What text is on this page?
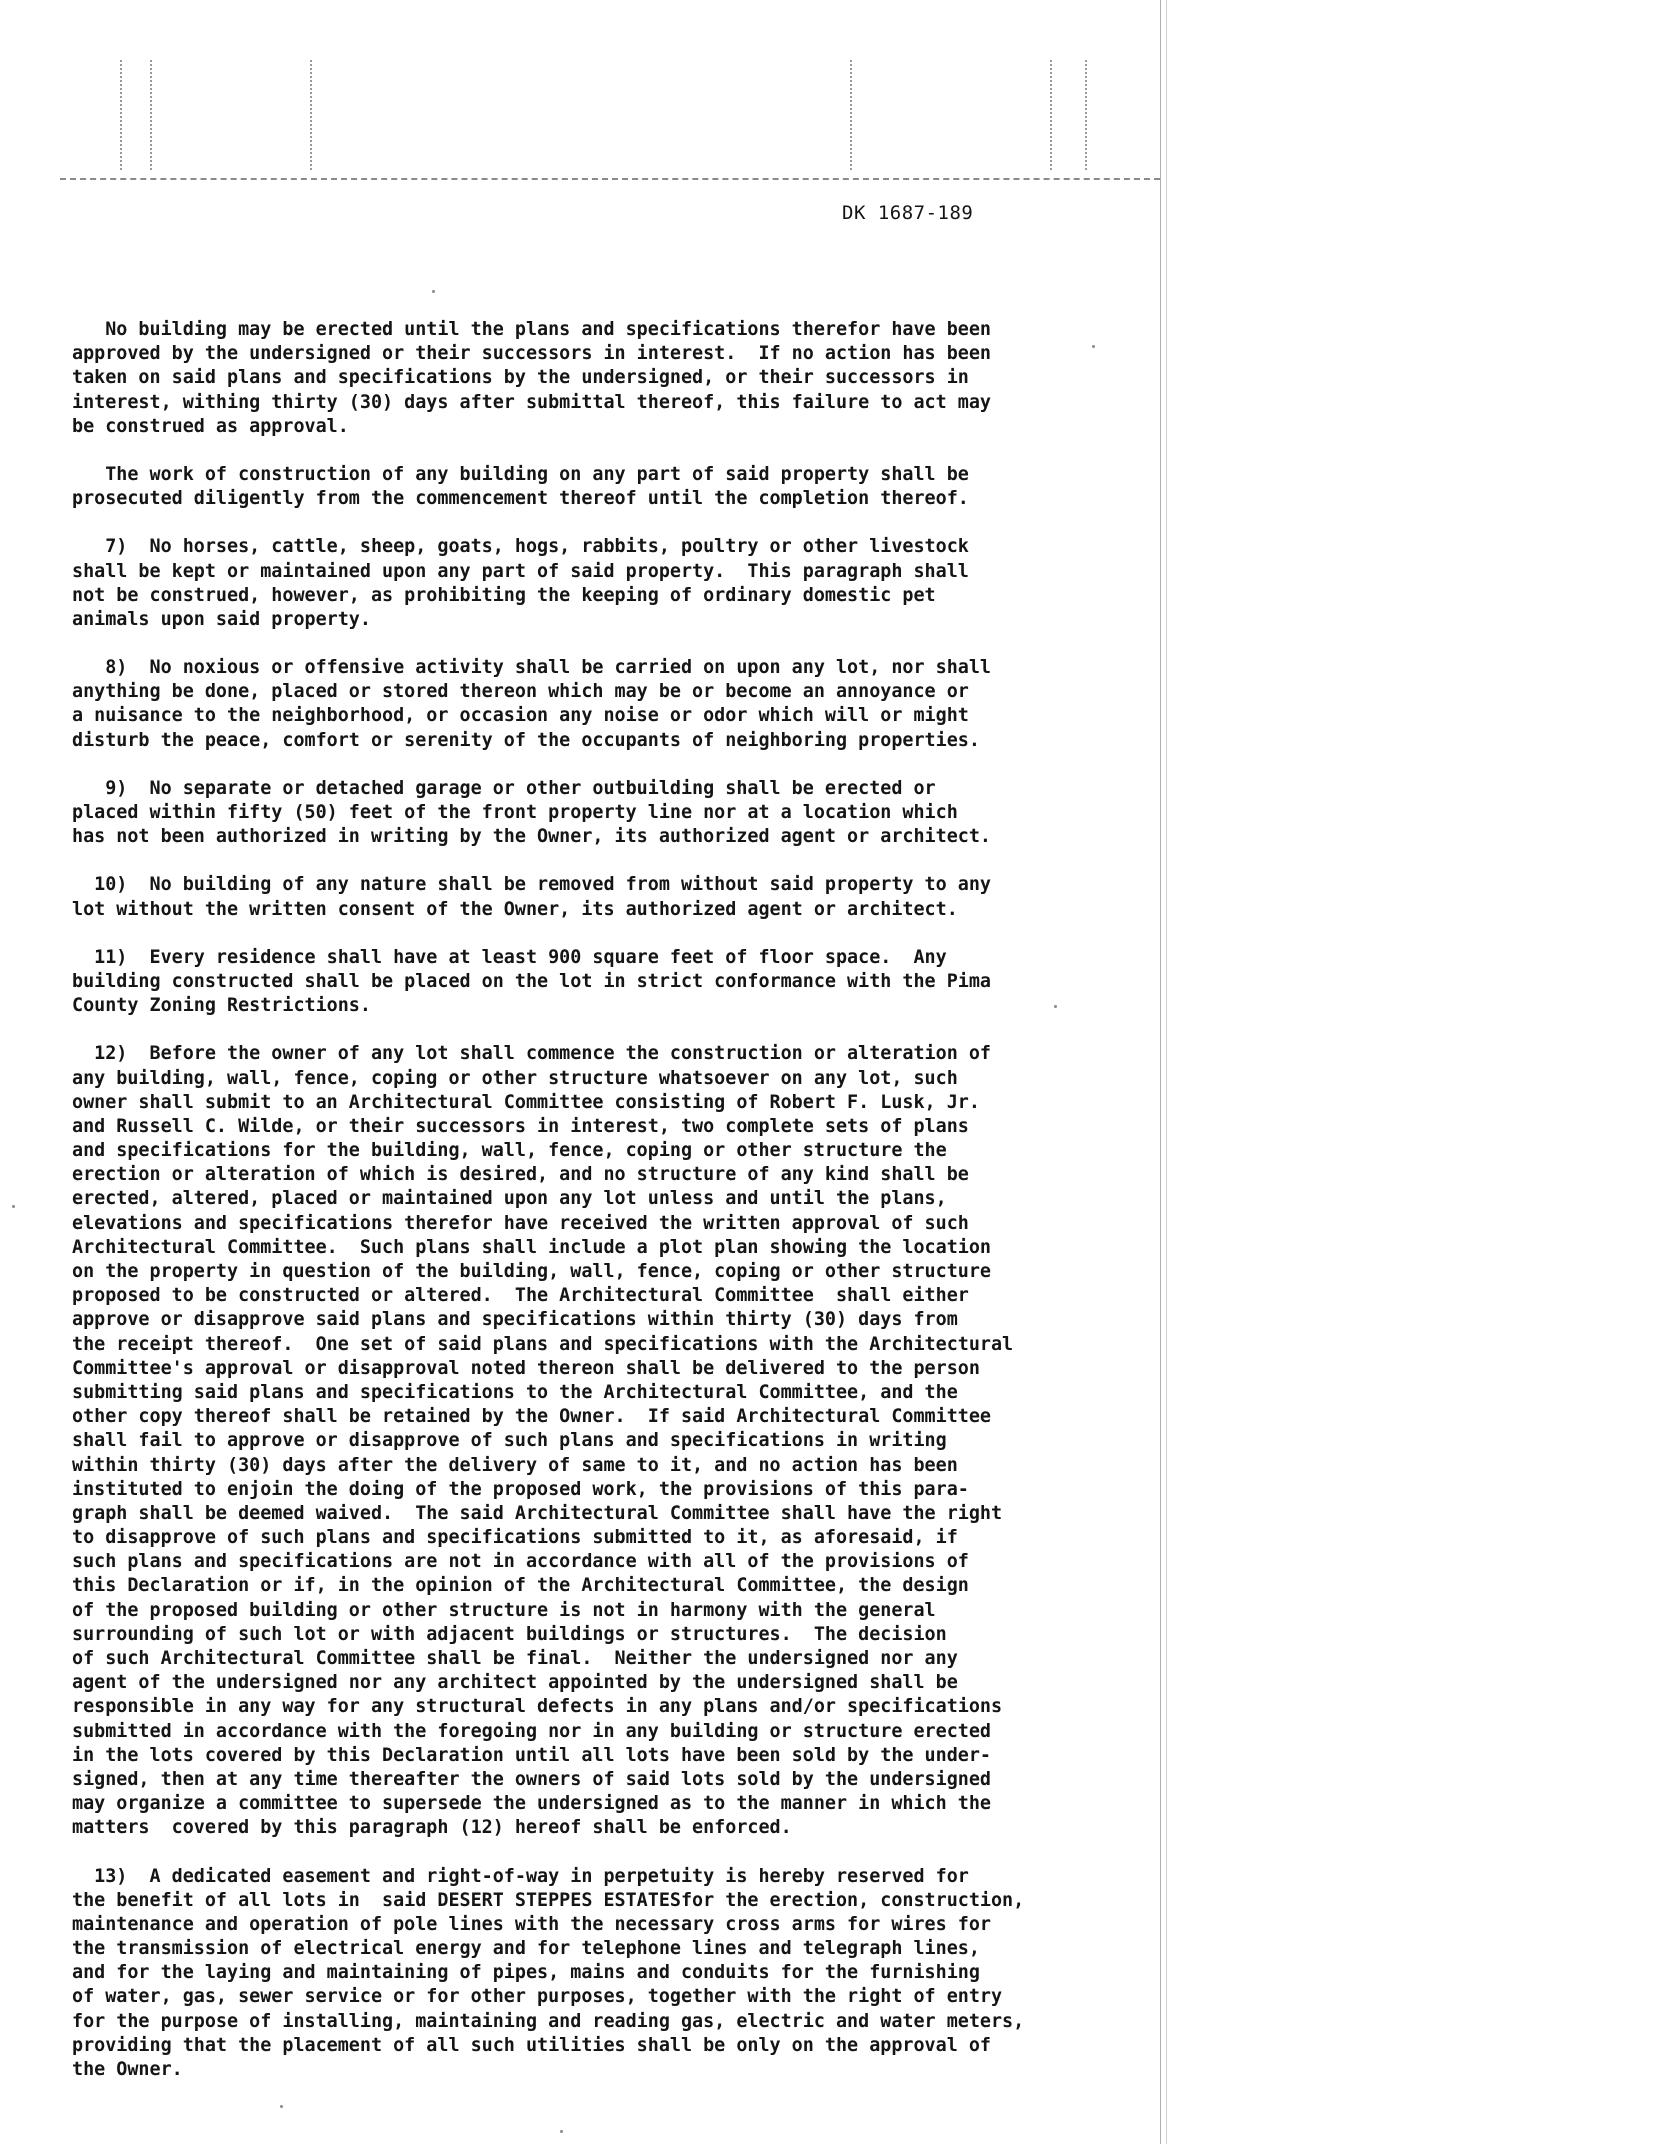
DK 1687-189
No building may be erected until the plans and specifications therefor have been
approved by the undersigned or their successors in interest.  If no action has been
taken on said plans and specifications by the undersigned, or their successors in
interest, withing thirty (30) days after submittal thereof, this failure to act may
be construed as approval.
The work of construction of any building on any part of said property shall be
prosecuted diligently from the commencement thereof until the completion thereof.
7)  No horses, cattle, sheep, goats, hogs, rabbits, poultry or other livestock
shall be kept or maintained upon any part of said property.  This paragraph shall
not be construed, however, as prohibiting the keeping of ordinary domestic pet
animals upon said property.
8)  No noxious or offensive activity shall be carried on upon any lot, nor shall
anything be done, placed or stored thereon which may be or become an annoyance or
a nuisance to the neighborhood, or occasion any noise or odor which will or might
disturb the peace, comfort or serenity of the occupants of neighboring properties.
9)  No separate or detached garage or other outbuilding shall be erected or
placed within fifty (50) feet of the front property line nor at a location which
has not been authorized in writing by the Owner, its authorized agent or architect.
10)  No building of any nature shall be removed from without said property to any
lot without the written consent of the Owner, its authorized agent or architect.
11)  Every residence shall have at least 900 square feet of floor space.  Any
building constructed shall be placed on the lot in strict conformance with the Pima
County Zoning Restrictions.
12)  Before the owner of any lot shall commence the construction or alteration of
any building, wall, fence, coping or other structure whatsoever on any lot, such
owner shall submit to an Architectural Committee consisting of Robert F. Lusk, Jr.
and Russell C. Wilde, or their successors in interest, two complete sets of plans
and specifications for the building, wall, fence, coping or other structure the
erection or alteration of which is desired, and no structure of any kind shall be
erected, altered, placed or maintained upon any lot unless and until the plans,
elevations and specifications therefor have received the written approval of such
Architectural Committee.  Such plans shall include a plot plan showing the location
on the property in question of the building, wall, fence, coping or other structure
proposed to be constructed or altered.  The Architectural Committee  shall either
approve or disapprove said plans and specifications within thirty (30) days from
the receipt thereof.  One set of said plans and specifications with the Architectural
Committee's approval or disapproval noted thereon shall be delivered to the person
submitting said plans and specifications to the Architectural Committee, and the
other copy thereof shall be retained by the Owner.  If said Architectural Committee
shall fail to approve or disapprove of such plans and specifications in writing
within thirty (30) days after the delivery of same to it, and no action has been
instituted to enjoin the doing of the proposed work, the provisions of this para-
graph shall be deemed waived.  The said Architectural Committee shall have the right
to disapprove of such plans and specifications submitted to it, as aforesaid, if
such plans and specifications are not in accordance with all of the provisions of
this Declaration or if, in the opinion of the Architectural Committee, the design
of the proposed building or other structure is not in harmony with the general
surrounding of such lot or with adjacent buildings or structures.  The decision
of such Architectural Committee shall be final.  Neither the undersigned nor any
agent of the undersigned nor any architect appointed by the undersigned shall be
responsible in any way for any structural defects in any plans and/or specifications
submitted in accordance with the foregoing nor in any building or structure erected
in the lots covered by this Declaration until all lots have been sold by the under-
signed, then at any time thereafter the owners of said lots sold by the undersigned
may organize a committee to supersede the undersigned as to the manner in which the
matters  covered by this paragraph (12) hereof shall be enforced.
13)  A dedicated easement and right-of-way in perpetuity is hereby reserved for
the benefit of all lots in  said DESERT STEPPES ESTATESfor the erection, construction,
maintenance and operation of pole lines with the necessary cross arms for wires for
the transmission of electrical energy and for telephone lines and telegraph lines,
and for the laying and maintaining of pipes, mains and conduits for the furnishing
of water, gas, sewer service or for other purposes, together with the right of entry
for the purpose of installing, maintaining and reading gas, electric and water meters,
providing that the placement of all such utilities shall be only on the approval of
the Owner.
